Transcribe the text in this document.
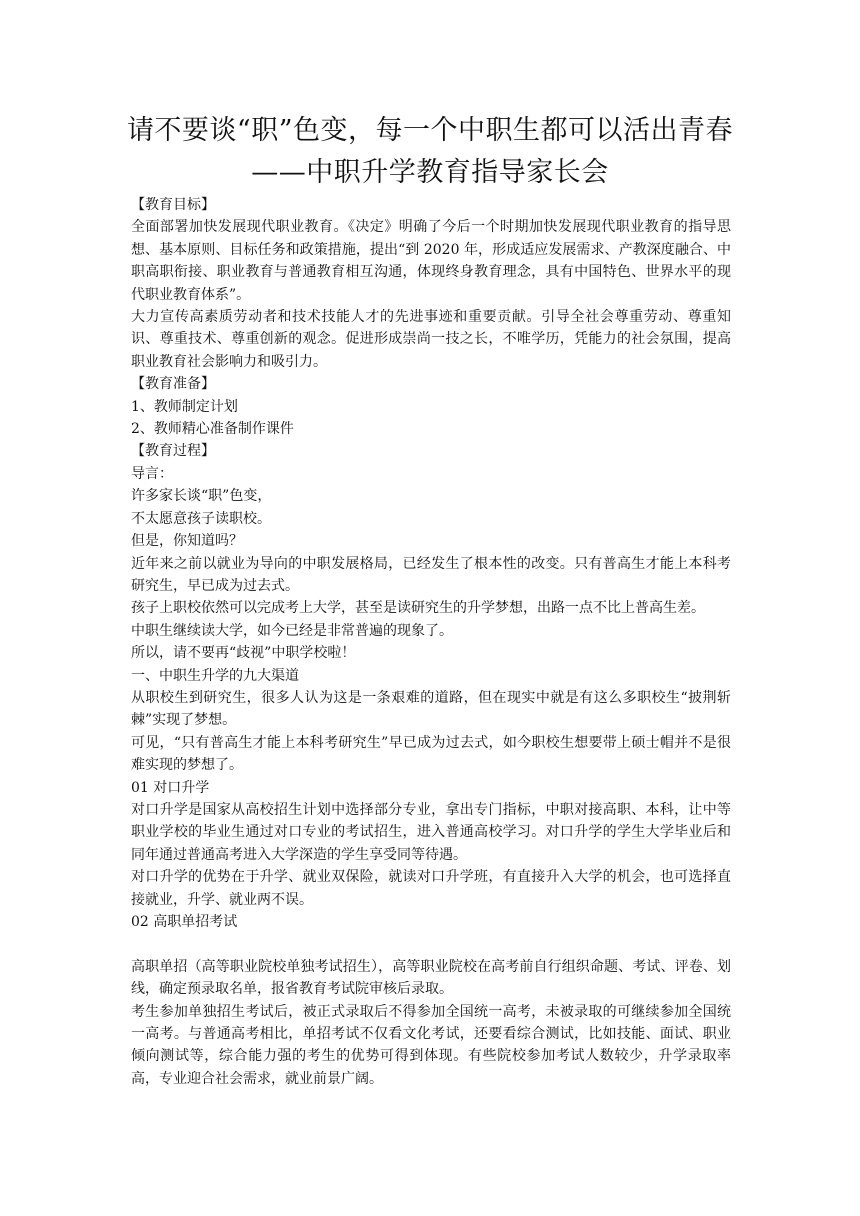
请不要谈“职”色变，每一个中职生都可以活出青春
——中职升学教育指导家长会

【教育目标】

全面部署加快发展现代职业教育。《决定》明确了今后一个时期加快发展现代职业教育的指导思想、基本原则、目标任务和政策措施，提出“到 2020 年，形成适应发展需求、产教深度融合、中职高职衔接、职业教育与普通教育相互沟通，体现终身教育理念，具有中国特色、世界水平的现代职业教育体系”。

大力宣传高素质劳动者和技术技能人才的先进事迹和重要贡献。引导全社会尊重劳动、尊重知识、尊重技术、尊重创新的观念。促进形成崇尚一技之长，不唯学历，凭能力的社会氛围，提高职业教育社会影响力和吸引力。

【教育准备】

1、教师制定计划

2、教师精心准备制作课件

【教育过程】

导言：

许多家长谈“职”色变，

不太愿意孩子读职校。

但是，你知道吗？

近年来之前以就业为导向的中职发展格局，已经发生了根本性的改变。只有普高生才能上本科考研究生，早已成为过去式。

孩子上职校依然可以完成考上大学，甚至是读研究生的升学梦想，出路一点不比上普高生差。

中职生继续读大学，如今已经是非常普遍的现象了。

所以，请不要再“歧视”中职学校啦！

一、中职生升学的九大渠道

从职校生到研究生，很多人认为这是一条艰难的道路，但在现实中就是有这么多职校生“披荆斩棘”实现了梦想。

可见，“只有普高生才能上本科考研究生”早已成为过去式，如今职校生想要带上硕士帽并不是很难实现的梦想了。

01 对口升学

对口升学是国家从高校招生计划中选择部分专业，拿出专门指标，中职对接高职、本科，让中等职业学校的毕业生通过对口专业的考试招生，进入普通高校学习。对口升学的学生大学毕业后和同年通过普通高考进入大学深造的学生享受同等待遇。

对口升学的优势在于升学、就业双保险，就读对口升学班，有直接升入大学的机会，也可选择直接就业，升学、就业两不误。

02 高职单招考试

高职单招（高等职业院校单独考试招生），高等职业院校在高考前自行组织命题、考试、评卷、划线，确定预录取名单，报省教育考试院审核后录取。

考生参加单独招生考试后，被正式录取后不得参加全国统一高考，未被录取的可继续参加全国统一高考。与普通高考相比，单招考试不仅看文化考试，还要看综合测试，比如技能、面试、职业倾向测试等，综合能力强的考生的优势可得到体现。有些院校参加考试人数较少，升学录取率高，专业迎合社会需求，就业前景广阔。
